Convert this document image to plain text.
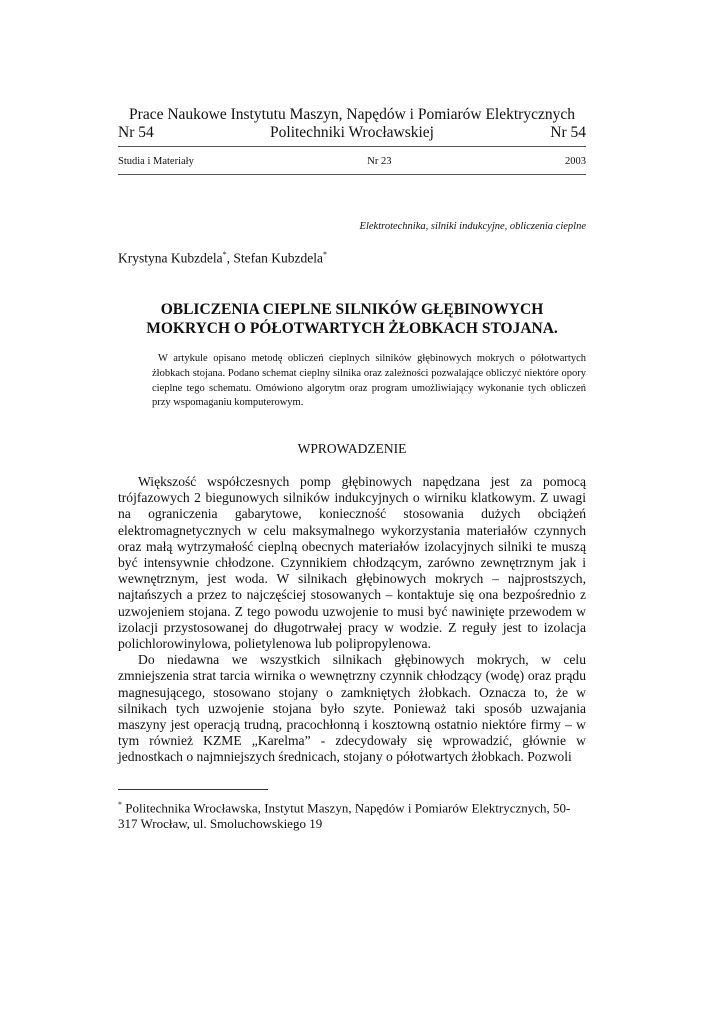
Prace Naukowe Instytutu Maszyn, Napędów i Pomiarów Elektrycznych
Nr 54	Politechniki Wrocławskiej	Nr 54
Studia i Materiały	Nr 23	2003
Elektrotechnika, silniki indukcyjne, obliczenia cieplne
Krystyna Kubzdela*, Stefan Kubzdela*
OBLICZENIA CIEPLNE SILNIKÓW GŁĘBINOWYCH
MOKRYCH O PÓŁOTWARTYCH ŻŁOBKACH STOJANA.
W artykule opisano metodę obliczeń cieplnych silników głębinowych mokrych o półotwartych żłobkach stojana. Podano schemat cieplny silnika oraz zależności pozwalające obliczyć niektóre opory cieplne tego schematu. Omówiono algorytm oraz program umożliwiający wykonanie tych obliczeń przy wspomaganiu komputerowym.
WPROWADZENIE

Większość współczesnych pomp głębinowych napędzana jest za pomocą trójfazowych 2 biegunowych silników indukcyjnych o wirniku klatkowym. Z uwagi na ograniczenia gabarytowe, konieczność stosowania dużych obciążeń elektromagnetycznych w celu maksymalnego wykorzystania materiałów czynnych oraz małą wytrzymałość cieplną obecnych materiałów izolacyjnych silniki te muszą być intensywnie chłodzone. Czynnikiem chłodzącym, zarówno zewnętrznym jak i wewnętrznym, jest woda. W silnikach głębinowych mokrych – najprostszych, najtańszych a przez to najczęściej stosowanych – kontaktuje się ona bezpośrednio z uzwojeniem stojana. Z tego powodu uzwojenie to musi być nawinięte przewodem w izolacji przystosowanej do długotrwałej pracy w wodzie. Z reguły jest to izolacja polichlorowinylowa, polietylenowa lub polipropylenowa.

Do niedawna we wszystkich silnikach głębinowych mokrych, w celu zmniejszenia strat tarcia wirnika o wewnętrzny czynnik chłodzący (wodę) oraz prądu magnesującego, stosowano stojany o zamkniętych żłobkach. Oznacza to, że w silnikach tych uzwojenie stojana było szyte. Ponieważ taki sposób uzwajania maszyny jest operacją trudną, pracochłonną i kosztowną ostatnio niektóre firmy – w tym również KZME „Karelma” - zdecydowały się wprowadzić, głównie w jednostkach o najmniejszych średnicach, stojany o półotwartych żłobkach. Pozwoli

* Politechnika Wrocławska, Instytut Maszyn, Napędów i Pomiarów Elektrycznych, 50-317 Wrocław, ul. Smoluchowskiego 19
